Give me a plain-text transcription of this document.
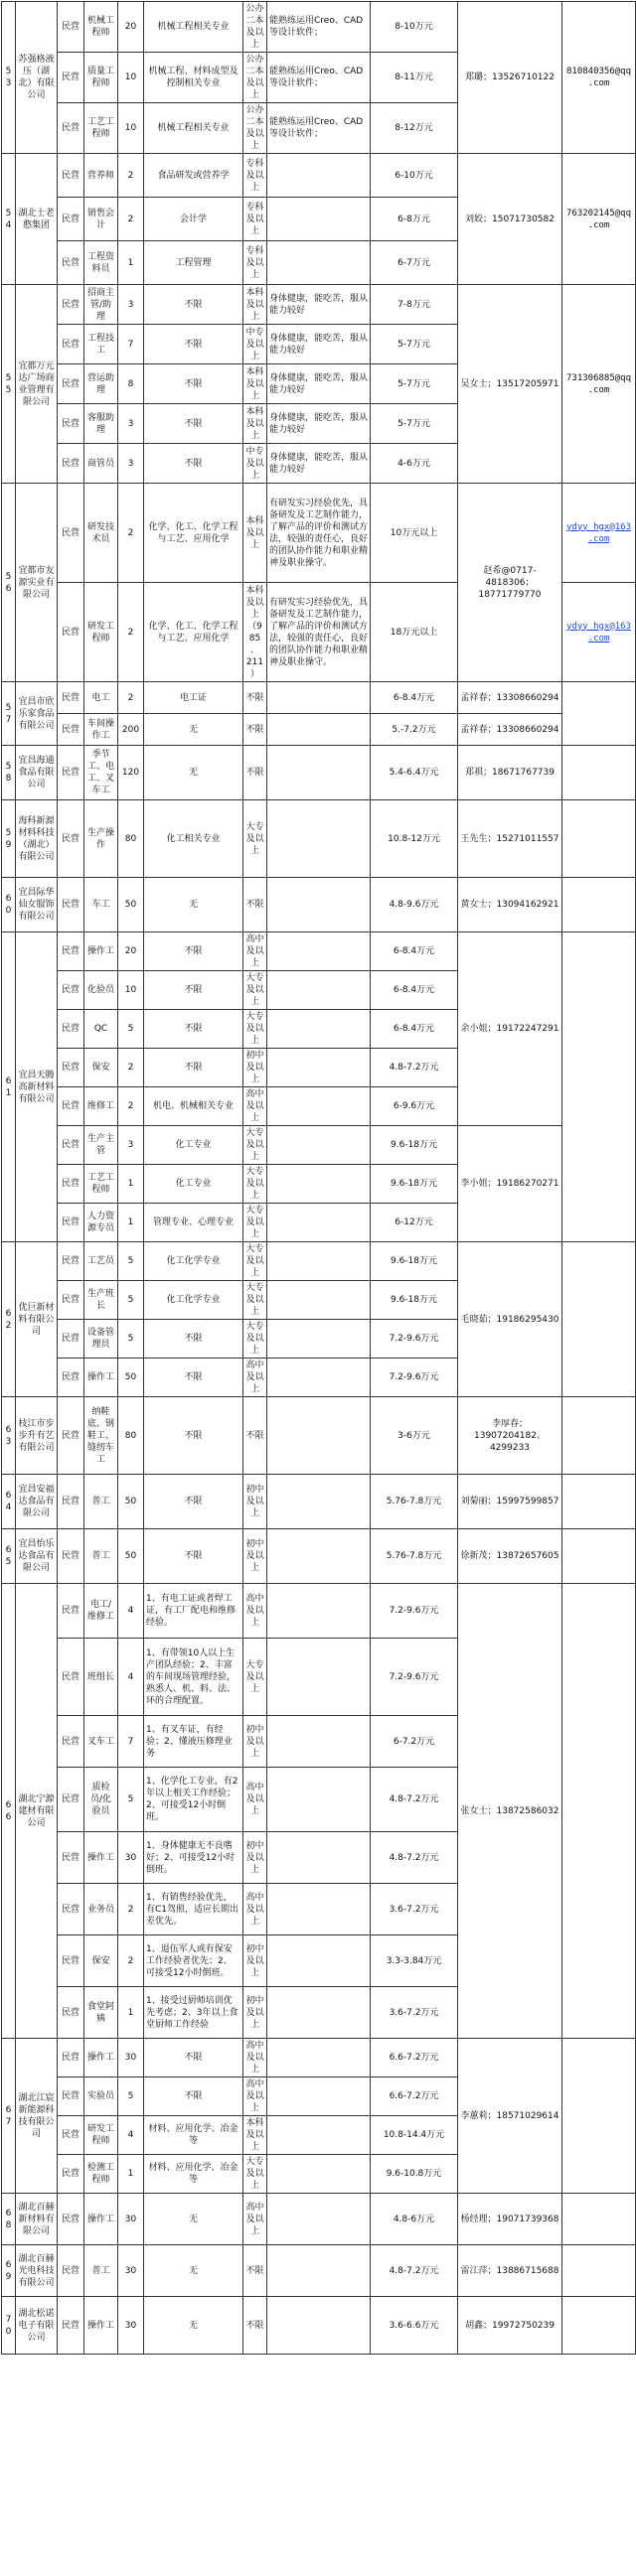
53	苏强格液压（湖北）有限公司	民营	机械工程师	20	机械工程相关专业	公办二本及以上	能熟练运用Creo、CAD等设计软件；	8-10万元	郑璐；13526710122	810840356@qq.com
		民营	质量工程师	10	机械工程、材料成型及控制相关专业	公办二本及以上	能熟练运用Creo、CAD等设计软件；	8-11万元		
		民营	工艺工程师	10	机械工程相关专业	公办二本及以上	能熟练运用Creo、CAD等设计软件；	8-12万元		
54	湖北士老憨集团	民营	营养师	2	食品研发或营养学	专科及以上		6-10万元	刘姣；15071730582	763202145@qq.com
		民营	销售会计	2	会计学	专科及以上		6-8万元		
		民营	工程资料员	1	工程管理	专科及以上		6-7万元		
55	宜都万元达广场商业管理有限公司	民营	招商主管/助理	3	不限	本科及以上	身体健康，能吃苦，服从能力较好	7-8万元	吴女士；13517205971	731306885@qq.com
		民营	工程技工	7	不限	中专及以上	身体健康，能吃苦，服从能力较好	5-7万元		
		民营	营运助理	8	不限	本科及以上	身体健康，能吃苦，服从能力较好	5-7万元		
		民营	客服助理	3	不限	本科及以上	身体健康，能吃苦，服从能力较好	5-7万元		
		民营	商管员	3	不限	中专及以上	身体健康，能吃苦，服从能力较好	4-6万元		
56	宜都市友源实业有限公司	民营	研发技术员	2	化学、化工、化学工程与工艺、应用化学	本科及以上	有研发实习经验优先，具备研发及工艺制作能力，了解产品的评价和测试方法，较强的责任心，良好的团队协作能力和职业精神及职业操守。	10万元以上	赵希@0717-4818306；18771779770	ydyy_hgx@163.com
		民营	研发工程师	2	化学、化工、化学工程与工艺、应用化学	本科及以上（985、211）	有研发实习经验优先，具备研发及工艺制作能力，了解产品的评价和测试方法，较强的责任心，良好的团队协作能力和职业精神及职业操守。	18万元以上		ydyy_hgx@163.com
57	宜昌市欣乐家食品有限公司	民营	电工	2	电工证	不限		6-8.4万元	孟祥春；13308660294	
		民营	车间操作工	200	无	不限		5.-7.2万元	孟祥春；13308660294	
58	宜昌海通食品有限公司	民营	季节工、电工、叉车工	120	无	不限		5.4-6.4万元	郑祺；18671767739	
59	海科新源材料科技（湖北）有限公司	民营	生产操作	80	化工相关专业	大专及以上		10.8-12万元	王先生；15271011557	
60	宜昌际华仙女服饰有限公司	民营	车工	50	无	不限		4.8-9.6万元	黄女士；13094162921	
61	宜昌天腾高新材料有限公司	民营	操作工	20	不限	高中及以上		6-8.4万元	余小姐；19172247291	
		民营	化验员	10	不限	大专及以上		6-8.4万元		
		民营	QC	5	不限	大专及以上		6-8.4万元		
		民营	保安	2	不限	初中及以上		4.8-7.2万元		
		民营	维修工	2	机电、机械相关专业	高中及以上		6-9.6万元		
		民营	生产主管	3	化工专业	大专及以上		9.6-18万元	李小姐；19186270271	
		民营	工艺工程师	1	化工专业	大专及以上		9.6-18万元		
		民营	人力资源专员	1	管理专业、心理专业	大专及以上		6-12万元		
62	优巨新材料有限公司	民营	工艺员	5	化工化学专业	大专及以上		9.6-18万元	毛晓茹；19186295430	
		民营	生产班长	5	化工化学专业	大专及以上		9.6-18万元		
		民营	设备管理员	5	不限	大专及以上		7.2-9.6万元		
		民营	操作工	50	不限	高中及以上		7.2-9.6万元		
63	枝江市步步升有艺有限公司	民营	纳鞋底、钢鞋工、缝纫车工	80	不限	不限		3-6万元	李厚春；13907204182、4299233	
64	宜昌安福达食品有限公司	民营	普工	50	不限	初中及以上		5.76-7.8万元	刘菊丽；15997599857	
65	宜昌怡乐达食品有限公司	民营	普工	50	不限	初中及以上		5.76-7.8万元	徐新茂；13872657605	
66	湖北宁源建材有限公司	民营	电工/维修工	4	1、有电工证或者焊工证，有工厂配电和维修经验。	高中及以上		7.2-9.6万元	张女士；13872586032	
		民营	班组长	4	1、有带领10人以上生产团队经验；2、丰富的车间现场管理经验，熟悉人、机、料、法、环的合理配置。	大专及以上		7.2-9.6万元		
		民营	叉车工	7	1、有叉车证，有经验；2、懂液压修理业务	初中及以上		6-7.2万元		
		民营	质检员/化验员	5	1、化学化工专业，有2年以上相关工作经验；2、可接受12小时倒班。	高中及以上		4.8-7.2万元		
		民营	操作工	30	1、身体健康无不良嗜好；2、可接受12小时倒班。	初中及以上		4.8-7.2万元		
		民营	业务员	2	1、有销售经验优先，有C1驾照，适应长期出差优先。	高中及以上		3.6-7.2万元		
		民营	保安	2	1、退伍军人或有保安工作经验者优先；2、可接受12小时倒班。	初中及以上		3.3-3.84万元		
		民营	食堂阿姨	1	1、接受过厨师培训优先考虑；2、3年以上食堂厨师工作经验	初中及以上		3.6-7.2万元		
67	湖北江宸新能源科技有限公司	民营	操作工	30	不限	高中及以上		6.6-7.2万元	李蕙莉；18571029614	
		民营	实验员	5	不限	高中及以上		6.6-7.2万元		
		民营	研发工程师	4	材料、应用化学、冶金等	本科及以上		10.8-14.4万元		
		民营	检测工程师	1	材料、应用化学、冶金等	大专及以上		9.6-10.8万元		
68	湖北百赫新材料有限公司	民营	操作工	30	无	高中及以上		4.8-6万元	杨经理；19071739368	
69	湖北百赫光电科技有限公司	民营	普工	30	无	不限		4.8-7.2万元	雷江萍；13886715688	
70	湖北松诺电子有限公司	民营	操作工	30	无	不限		3.6-6.6万元	胡鑫；19972750239	
